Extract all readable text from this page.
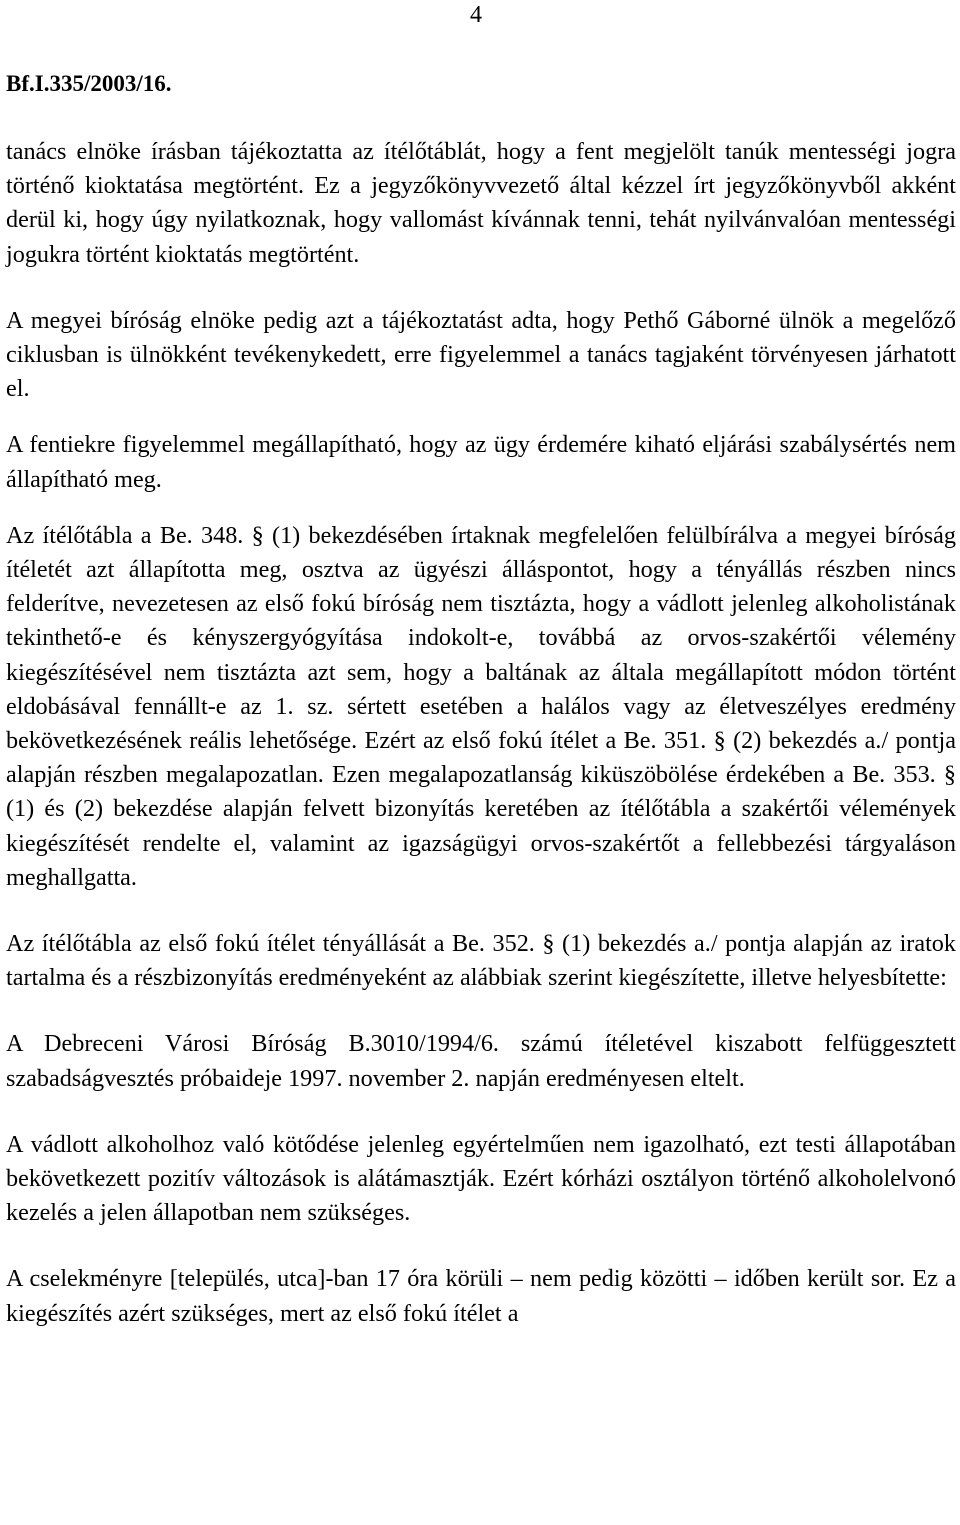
4
Bf.I.335/2003/16.

tanács elnöke írásban tájékoztatta az ítélőtáblát, hogy a fent megjelölt tanúk mentességi jogra történő kioktatása megtörtént. Ez a jegyzőkönyvvezető által kézzel írt jegyzőkönyvből akként derül ki, hogy úgy nyilatkoznak, hogy vallomást kívánnak tenni, tehát nyilvánvalóan mentességi jogukra történt kioktatás megtörtént.

A megyei bíróság elnöke pedig azt a tájékoztatást adta, hogy Pethő Gáborné ülnök a megelőző ciklusban is ülnökként tevékenykedett, erre figyelemmel a tanács tagjaként törvényesen járhatott el.

A fentiekre figyelemmel megállapítható, hogy az ügy érdemére kiható eljárási szabálysértés nem állapítható meg.

Az ítélőtábla a Be. 348. § (1) bekezdésében írtaknak megfelelően felülbírálva a megyei bíróság ítéletét azt állapította meg, osztva az ügyészi álláspontot, hogy a tényállás részben nincs felderítve, nevezetesen az első fokú bíróság nem tisztázta, hogy a vádlott jelenleg alkoholistának tekinthető-e és kényszergyógyítása indokolt-e, továbbá az orvos-szakértői vélemény kiegészítésével nem tisztázta azt sem, hogy a baltának az általa megállapított módon történt eldobásával fennállt-e az 1. sz. sértett esetében a halálos vagy az életveszélyes eredmény bekövetkezésének reális lehetősége. Ezért az első fokú ítélet a Be. 351. § (2) bekezdés a./ pontja alapján részben megalapozatlan. Ezen megalapozatlanság kiküszöbölése érdekében a Be. 353. § (1) és (2) bekezdése alapján felvett bizonyítás keretében az ítélőtábla a szakértői vélemények kiegészítését rendelte el, valamint az igazságügyi orvos-szakértőt a fellebbezési tárgyaláson meghallgatta.

Az ítélőtábla az első fokú ítélet tényállását a Be. 352. § (1) bekezdés a./ pontja alapján az iratok tartalma és a részbizonyítás eredményeként az alábbiak szerint kiegészítette, illetve helyesbítette:

A Debreceni Városi Bíróság B.3010/1994/6. számú ítéletével kiszabott felfüggesztett szabadságvesztés próbaideje 1997. november 2. napján eredményesen eltelt.

A vádlott alkoholhoz való kötődése jelenleg egyértelműen nem igazolható, ezt testi állapotában bekövetkezett pozitív változások is alátámasztják. Ezért kórházi osztályon történő alkoholelvonó kezelés a jelen állapotban nem szükséges.

A cselekményre [település, utca]-ban 17 óra körüli – nem pedig közötti – időben került sor. Ez a kiegészítés azért szükséges, mert az első fokú ítélet a
